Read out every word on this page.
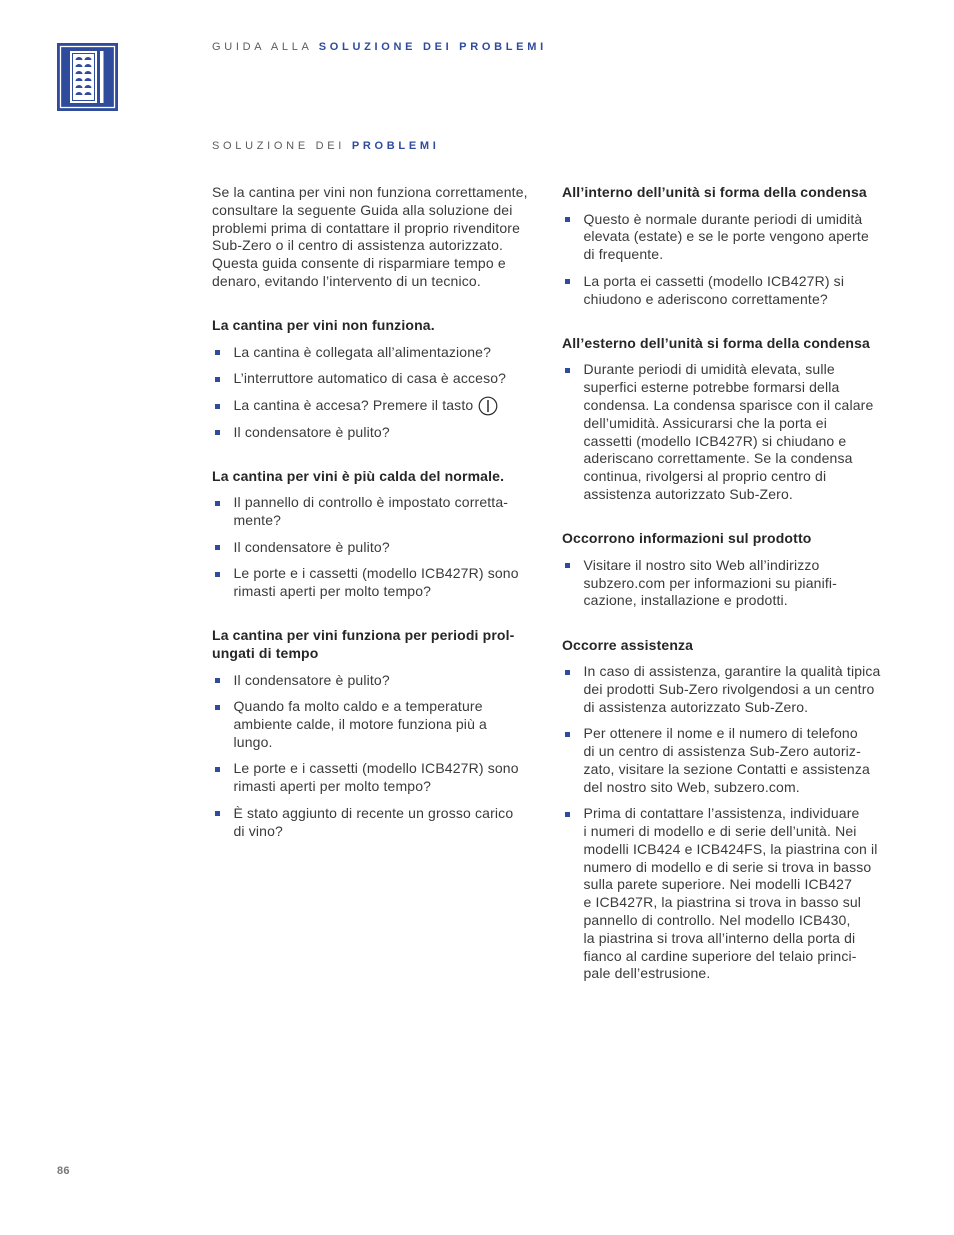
GUIDA ALLA SOLUZIONE DEI PROBLEMI
SOLUZIONE DEI PROBLEMI

Se la cantina per vini non funziona correttamente,
consultare la seguente Guida alla soluzione dei
problemi prima di contattare il proprio rivenditore
Sub-Zero o il centro di assistenza autorizzato.
Questa guida consente di risparmiare tempo e
denaro, evitando l’intervento di un tecnico.

La cantina per vini non funziona.
La cantina è collegata all’alimentazione?
L’interruttore automatico di casa è acceso?
La cantina è accesa? Premere il tasto
Il condensatore è pulito?
La cantina per vini è più calda del normale.
Il pannello di controllo è impostato corretta-
mente?
Il condensatore è pulito?
Le porte e i cassetti (modello ICB427R) sono
rimasti aperti per molto tempo?
La cantina per vini funziona per periodi prol-
ungati di tempo
Il condensatore è pulito?
Quando fa molto caldo e a temperature
ambiente calde, il motore funziona più a
lungo.
Le porte e i cassetti (modello ICB427R) sono
rimasti aperti per molto tempo?
È stato aggiunto di recente un grosso carico
di vino?
All’interno dell’unità si forma della condensa
Questo è normale durante periodi di umidità
elevata (estate) e se le porte vengono aperte
di frequente.
La porta ei cassetti (modello ICB427R) si
chiudono e aderiscono correttamente?
All’esterno dell’unità si forma della condensa
Durante periodi di umidità elevata, sulle
superfici esterne potrebbe formarsi della
condensa. La condensa sparisce con il calare
dell’umidità. Assicurarsi che la porta ei
cassetti (modello ICB427R) si chiudano e
aderiscano correttamente. Se la condensa
continua, rivolgersi al proprio centro di
assistenza autorizzato Sub-Zero.
Occorrono informazioni sul prodotto
Visitare il nostro sito Web all’indirizzo
subzero.com per informazioni su pianifi-
cazione, installazione e prodotti.
Occorre assistenza
In caso di assistenza, garantire la qualità tipica
dei prodotti Sub-Zero rivolgendosi a un centro
di assistenza autorizzato Sub-Zero.
Per ottenere il nome e il numero di telefono
di un centro di assistenza Sub-Zero autoriz-
zato, visitare la sezione Contatti e assistenza
del nostro sito Web, subzero.com.
Prima di contattare l’assistenza, individuare
i numeri di modello e di serie dell’unità. Nei
modelli ICB424 e ICB424FS, la piastrina con il
numero di modello e di serie si trova in basso
sulla parete superiore. Nei modelli ICB427
e ICB427R, la piastrina si trova in basso sul
pannello di controllo. Nel modello ICB430,
la piastrina si trova all’interno della porta di
fianco al cardine superiore del telaio princi-
pale dell’estrusione.
86
